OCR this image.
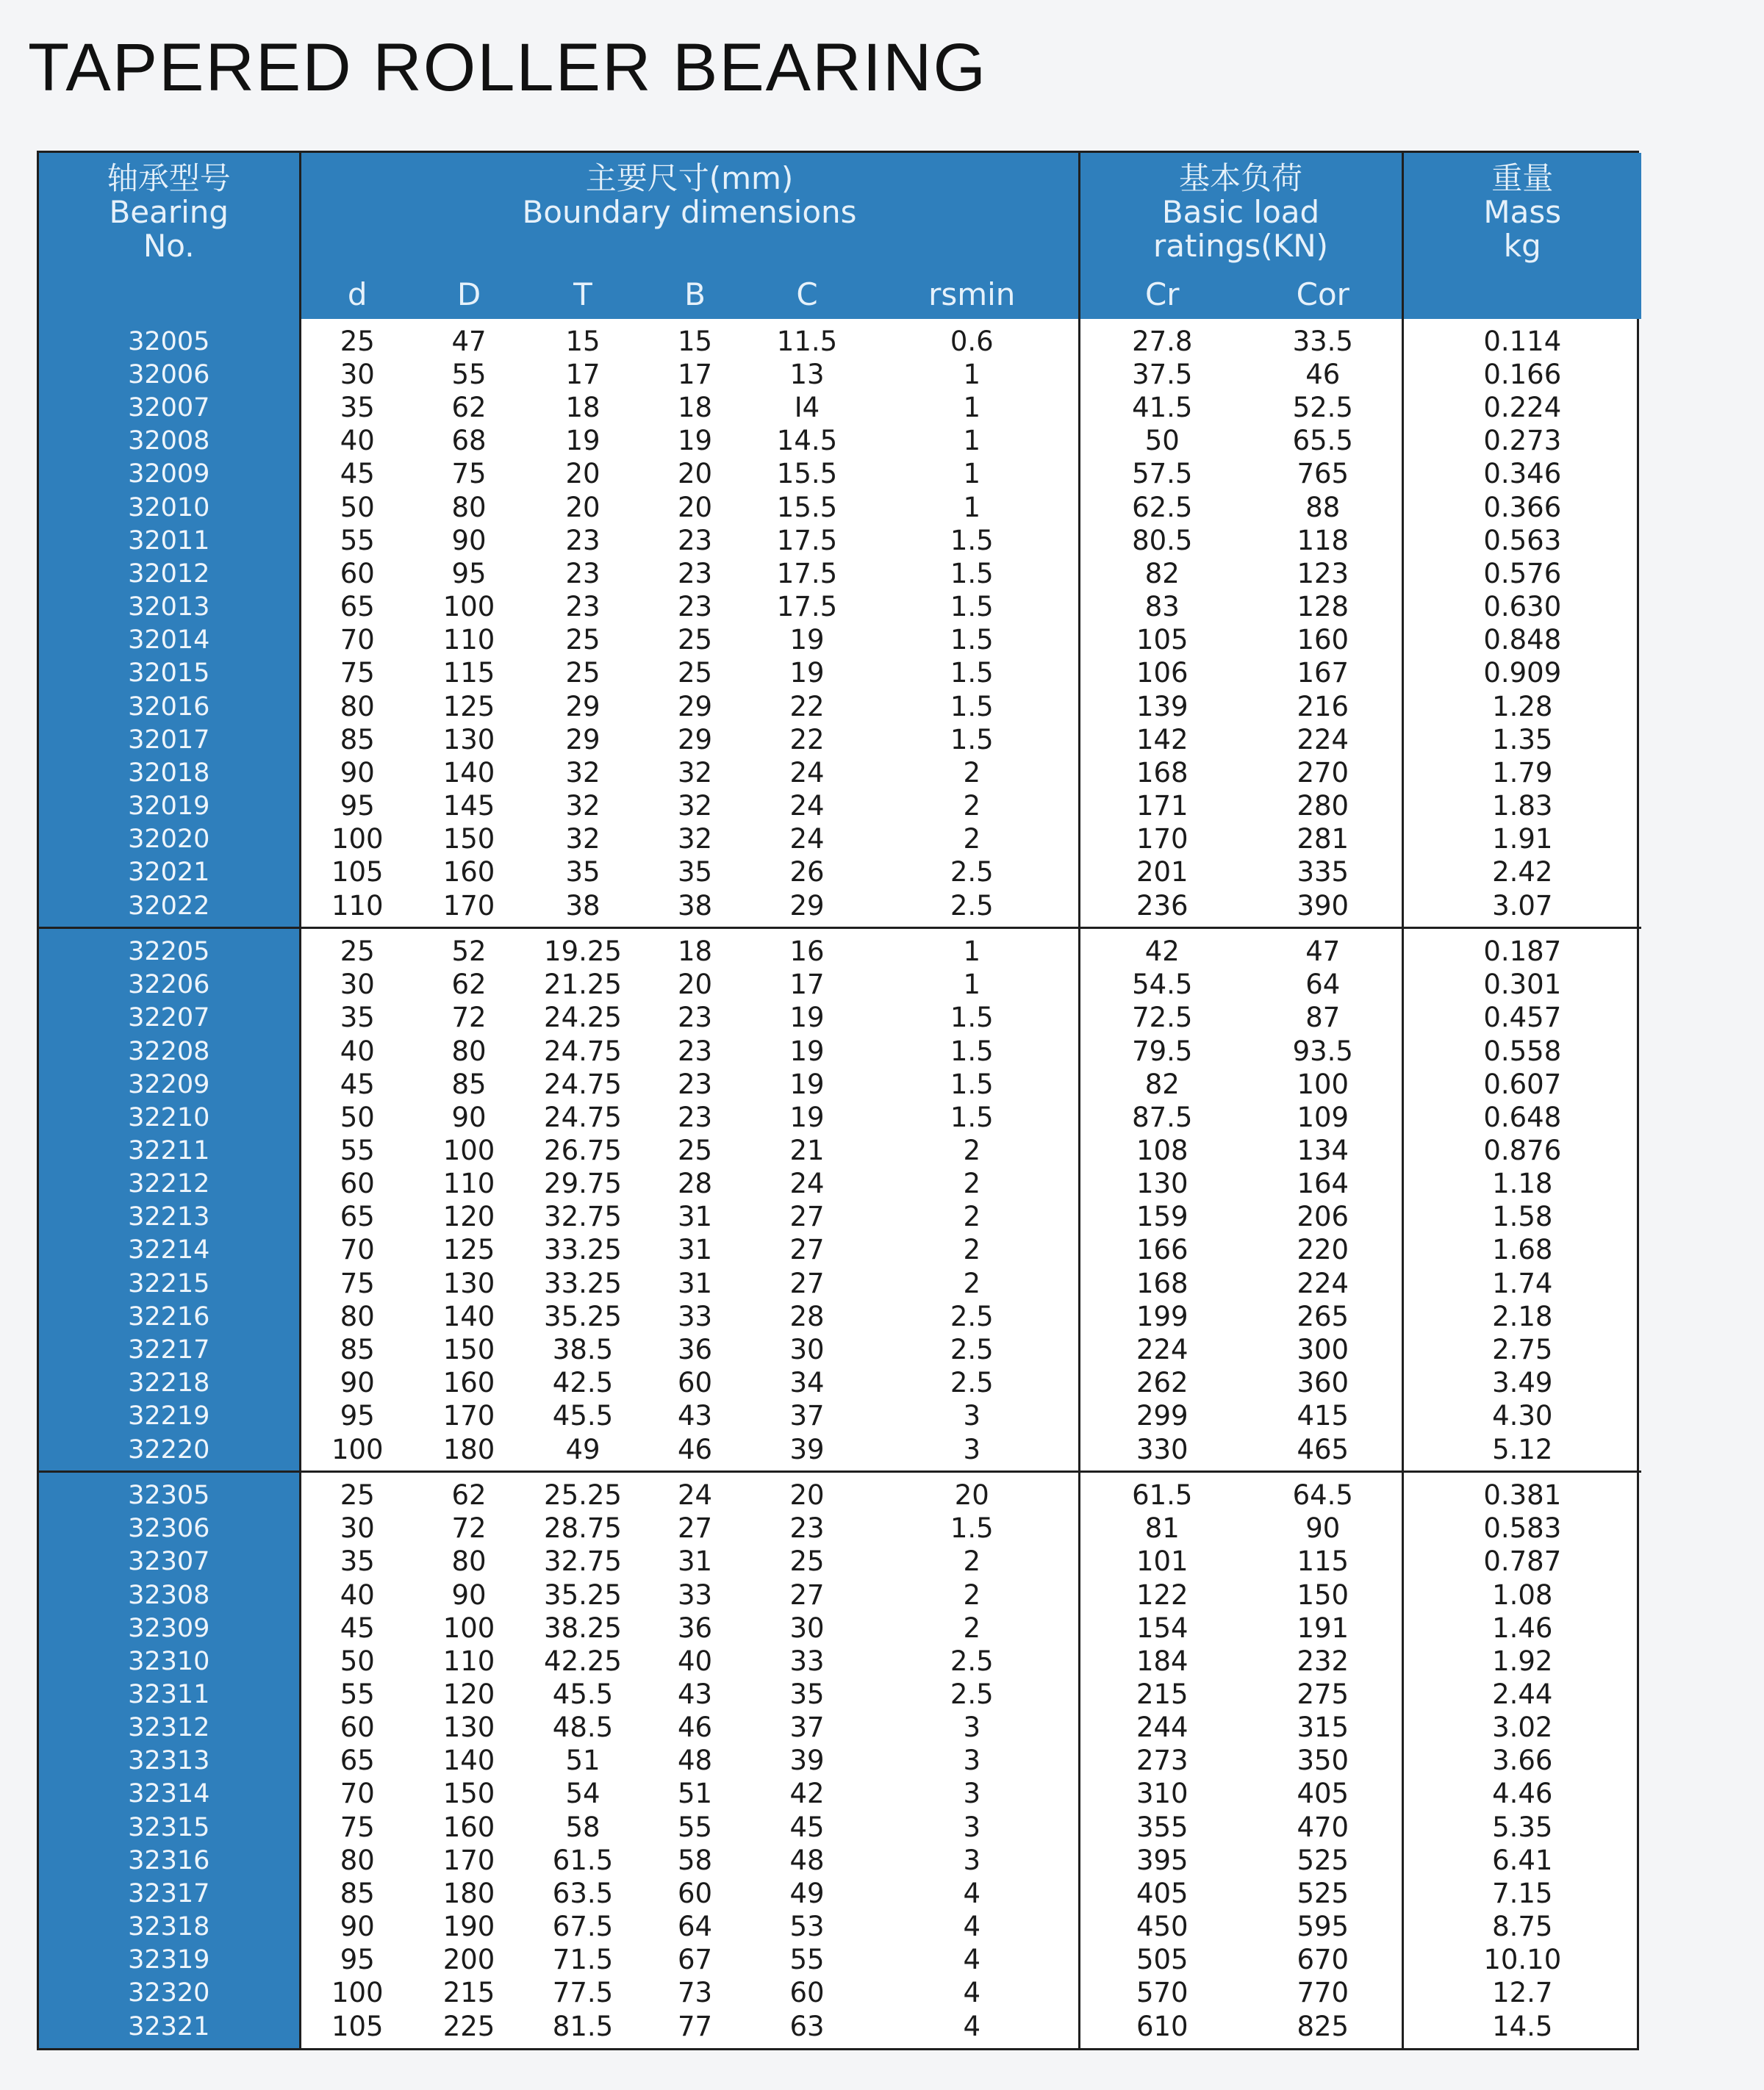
TAPERED ROLLER BEARING
轴承型号
Bearing
No.	主要尺寸(mm)
Boundary dimensions						基本负荷
Basic load ratings(KN)		重量
Mass
kg

	d	D	T	B	C	rsmin	Cr	Cor	
32005	25	47	15	15	11.5	0.6	27.8	33.5	0.114
32006	30	55	17	17	13	1	37.5	46	0.166
32007	35	62	18	18	I4	1	41.5	52.5	0.224
32008	40	68	19	19	14.5	1	50	65.5	0.273
32009	45	75	20	20	15.5	1	57.5	765	0.346
32010	50	80	20	20	15.5	1	62.5	88	0.366
32011	55	90	23	23	17.5	1.5	80.5	118	0.563
32012	60	95	23	23	17.5	1.5	82	123	0.576
32013	65	100	23	23	17.5	1.5	83	128	0.630
32014	70	110	25	25	19	1.5	105	160	0.848
32015	75	115	25	25	19	1.5	106	167	0.909
32016	80	125	29	29	22	1.5	139	216	1.28
32017	85	130	29	29	22	1.5	142	224	1.35
32018	90	140	32	32	24	2	168	270	1.79
32019	95	145	32	32	24	2	171	280	1.83
32020	100	150	32	32	24	2	170	281	1.91
32021	105	160	35	35	26	2.5	201	335	2.42
32022	110	170	38	38	29	2.5	236	390	3.07
32205	25	52	19.25	18	16	1	42	47	0.187
32206	30	62	21.25	20	17	1	54.5	64	0.301
32207	35	72	24.25	23	19	1.5	72.5	87	0.457
32208	40	80	24.75	23	19	1.5	79.5	93.5	0.558
32209	45	85	24.75	23	19	1.5	82	100	0.607
32210	50	90	24.75	23	19	1.5	87.5	109	0.648
32211	55	100	26.75	25	21	2	108	134	0.876
32212	60	110	29.75	28	24	2	130	164	1.18
32213	65	120	32.75	31	27	2	159	206	1.58
32214	70	125	33.25	31	27	2	166	220	1.68
32215	75	130	33.25	31	27	2	168	224	1.74
32216	80	140	35.25	33	28	2.5	199	265	2.18
32217	85	150	38.5	36	30	2.5	224	300	2.75
32218	90	160	42.5	60	34	2.5	262	360	3.49
32219	95	170	45.5	43	37	3	299	415	4.30
32220	100	180	49	46	39	3	330	465	5.12
32305	25	62	25.25	24	20	20	61.5	64.5	0.381
32306	30	72	28.75	27	23	1.5	81	90	0.583
32307	35	80	32.75	31	25	2	101	115	0.787
32308	40	90	35.25	33	27	2	122	150	1.08
32309	45	100	38.25	36	30	2	154	191	1.46
32310	50	110	42.25	40	33	2.5	184	232	1.92
32311	55	120	45.5	43	35	2.5	215	275	2.44
32312	60	130	48.5	46	37	3	244	315	3.02
32313	65	140	51	48	39	3	273	350	3.66
32314	70	150	54	51	42	3	310	405	4.46
32315	75	160	58	55	45	3	355	470	5.35
32316	80	170	61.5	58	48	3	395	525	6.41
32317	85	180	63.5	60	49	4	405	525	7.15
32318	90	190	67.5	64	53	4	450	595	8.75
32319	95	200	71.5	67	55	4	505	670	10.10
32320	100	215	77.5	73	60	4	570	770	12.7
32321	105	225	81.5	77	63	4	610	825	14.5
